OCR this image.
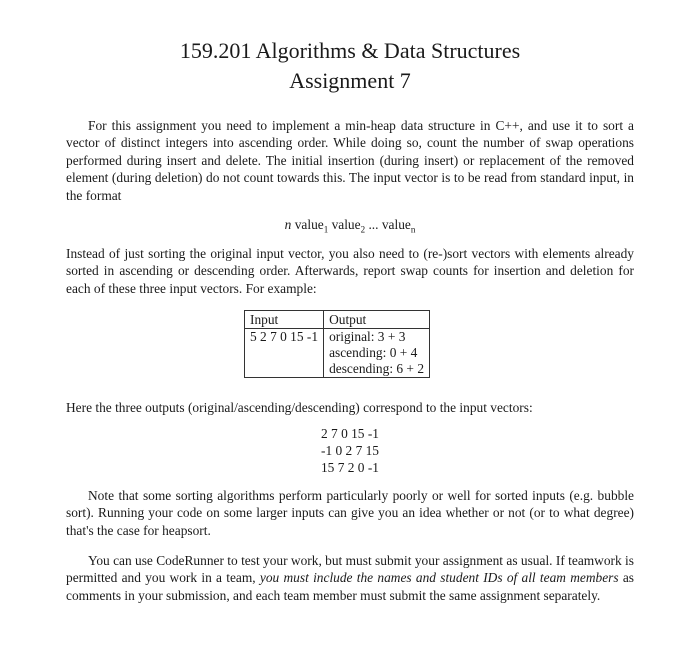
159.201 Algorithms & Data Structures
Assignment 7

For this assignment you need to implement a min-heap data structure in C++, and use it to sort a vector of distinct integers into ascending order. While doing so, count the number of swap operations performed during insert and delete. The initial insertion (during insert) or replacement of the removed element (during deletion) do not count towards this. The input vector is to be read from standard input, in the format

n value$_1$ value$_2$ ... value$_n$

Instead of just sorting the original input vector, you also need to (re-)sort vectors with elements already sorted in ascending or descending order. Afterwards, report swap counts for insertion and deletion for each of these three input vectors. For example:

Input	Output
5 2 7 0 15 -1	original: 3 + 3
ascending: 0 + 4
descending: 6 + 2

Here the three outputs (original/ascending/descending) correspond to the input vectors:

2 7 0 15 -1
-1 0 2 7 15
15 7 2 0 -1

Note that some sorting algorithms perform particularly poorly or well for sorted inputs (e.g. bubble sort). Running your code on some larger inputs can give you an idea whether or not (or to what degree) that's the case for heapsort.

You can use CodeRunner to test your work, but must submit your assignment as usual. If teamwork is permitted and you work in a team, you must include the names and student IDs of all team members as comments in your submission, and each team member must submit the same assignment separately.
